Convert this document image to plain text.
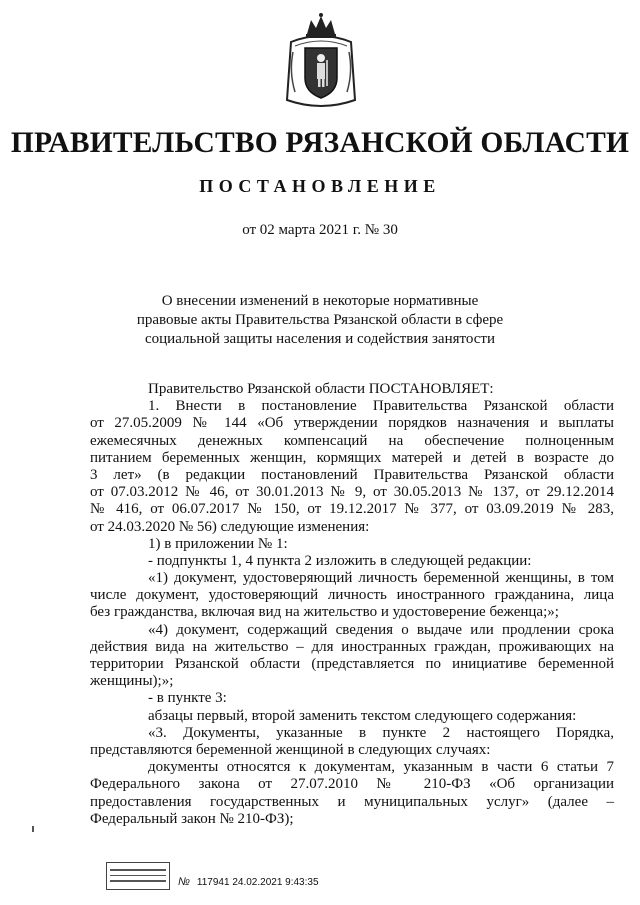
ПРАВИТЕЛЬСТВО РЯЗАНСКОЙ ОБЛАСТИ
ПОСТАНОВЛЕНИЕ
от 02 марта 2021 г. № 30
О внесении изменений в некоторые нормативные
правовые акты Правительства Рязанской области в сфере
социальной защиты населения и содействия занятости
Правительство Рязанской области ПОСТАНОВЛЯЕТ:
1. Внести в постановление Правительства Рязанской области
от 27.05.2009 № 144 «Об утверждении порядков назначения и выплаты
ежемесячных денежных компенсаций на обеспечение полноценным
питанием беременных женщин, кормящих матерей и детей в возрасте до
3 лет» (в редакции постановлений Правительства Рязанской области
от 07.03.2012 № 46, от 30.01.2013 № 9, от 30.05.2013 № 137, от 29.12.2014
№ 416, от 06.07.2017 № 150, от 19.12.2017 № 377, от 03.09.2019 № 283,
от 24.03.2020 № 56) следующие изменения:
1) в приложении № 1:
- подпункты 1, 4 пункта 2 изложить в следующей редакции:
«1) документ, удостоверяющий личность беременной женщины, в том
числе документ, удостоверяющий личность иностранного гражданина, лица
без гражданства, включая вид на жительство и удостоверение беженца;»;
«4) документ, содержащий сведения о выдаче или продлении срока
действия вида на жительство – для иностранных граждан, проживающих на
территории Рязанской области (представляется по инициативе беременной
женщины);»;
- в пункте 3:
абзацы первый, второй заменить текстом следующего содержания:
«3. Документы, указанные в пункте 2 настоящего Порядка,
представляются беременной женщиной в следующих случаях:
документы относятся к документам, указанным в части 6 статьи 7
Федерального закона от 27.07.2010 № 210-ФЗ «Об организации
предоставления государственных и муниципальных услуг» (далее –
Федеральный закон № 210-ФЗ);
№ 117941 24.02.2021 9:43:35
